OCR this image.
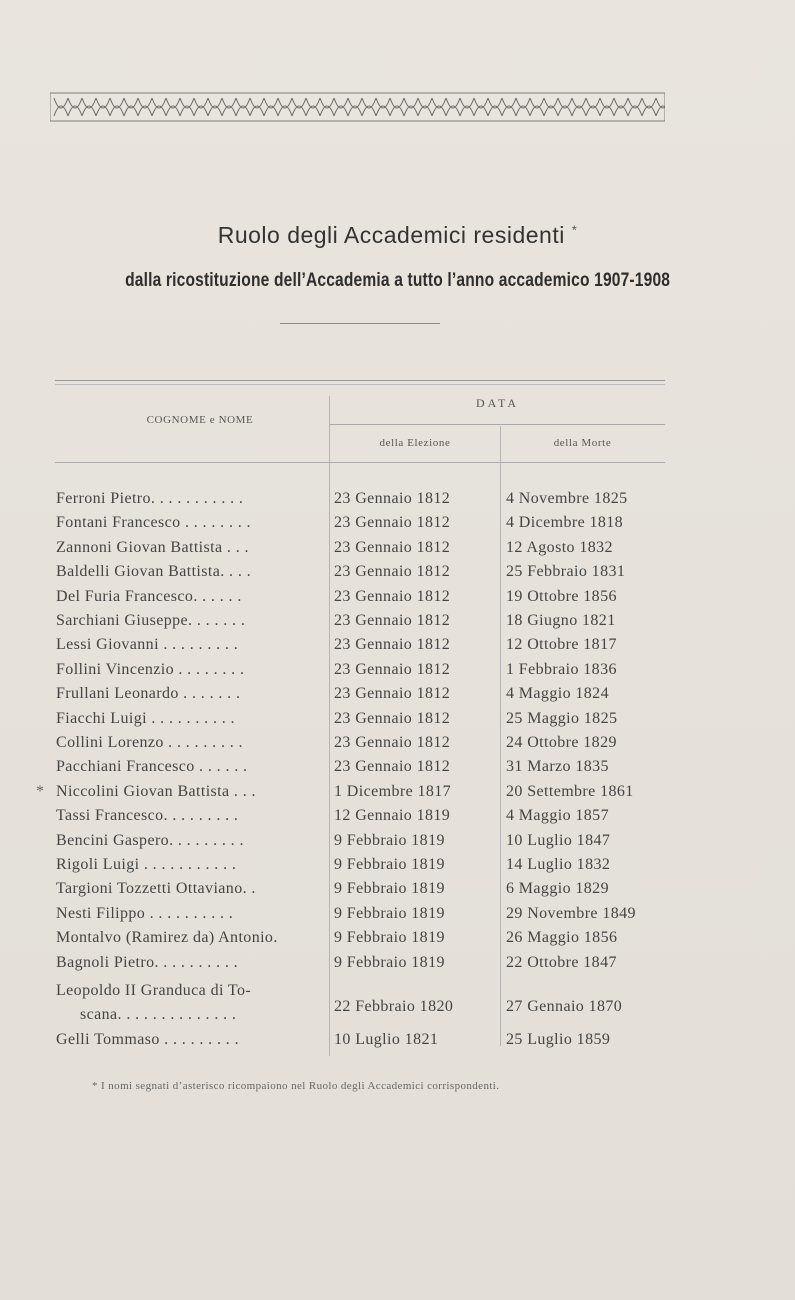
Ruolo degli Accademici residenti *
dalla ricostituzione dell’Accademia a tutto l’anno accademico 1907-1908
COGNOME e NOME
DATA
della Elezione	della Morte
Ferroni Pietro. . . . . . . . . . .	23 Gennaio 1812	4 Novembre 1825
Fontani Francesco . . . . . . . .	23 Gennaio 1812	4 Dicembre 1818
Zannoni Giovan Battista . . .	23 Gennaio 1812	12 Agosto 1832
Baldelli Giovan Battista. . . .	23 Gennaio 1812	25 Febbraio 1831
Del Furia Francesco. . . . . .	23 Gennaio 1812	19 Ottobre 1856
Sarchiani Giuseppe. . . . . . .	23 Gennaio 1812	18 Giugno 1821
Lessi Giovanni . . . . . . . . .	23 Gennaio 1812	12 Ottobre 1817
Follini Vincenzio . . . . . . . .	23 Gennaio 1812	1 Febbraio 1836
Frullani Leonardo . . . . . . .	23 Gennaio 1812	4 Maggio 1824
Fiacchi Luigi . . . . . . . . . .	23 Gennaio 1812	25 Maggio 1825
Collini Lorenzo . . . . . . . . .	23 Gennaio 1812	24 Ottobre 1829
Pacchiani Francesco . . . . . .	23 Gennaio 1812	31 Marzo 1835
* Niccolini Giovan Battista . . .	1 Dicembre 1817	20 Settembre 1861
Tassi Francesco. . . . . . . . .	12 Gennaio 1819	4 Maggio 1857
Bencini Gaspero. . . . . . . . .	9 Febbraio 1819	10 Luglio 1847
Rigoli Luigi . . . . . . . . . . .	9 Febbraio 1819	14 Luglio 1832
Targioni Tozzetti Ottaviano. .	9 Febbraio 1819	6 Maggio 1829
Nesti Filippo . . . . . . . . . .	9 Febbraio 1819	29 Novembre 1849
Montalvo (Ramirez da) Antonio.	9 Febbraio 1819	26 Maggio 1856
Bagnoli Pietro. . . . . . . . . .	9 Febbraio 1819	22 Ottobre 1847
Leopoldo II Granduca di To-
scana. . . . . . . . . . . . . .	22 Febbraio 1820	27 Gennaio 1870
Gelli Tommaso . . . . . . . . .	10 Luglio 1821	25 Luglio 1859
* I nomi segnati d’asterisco ricompaiono nel Ruolo degli Accademici corrispondenti.
